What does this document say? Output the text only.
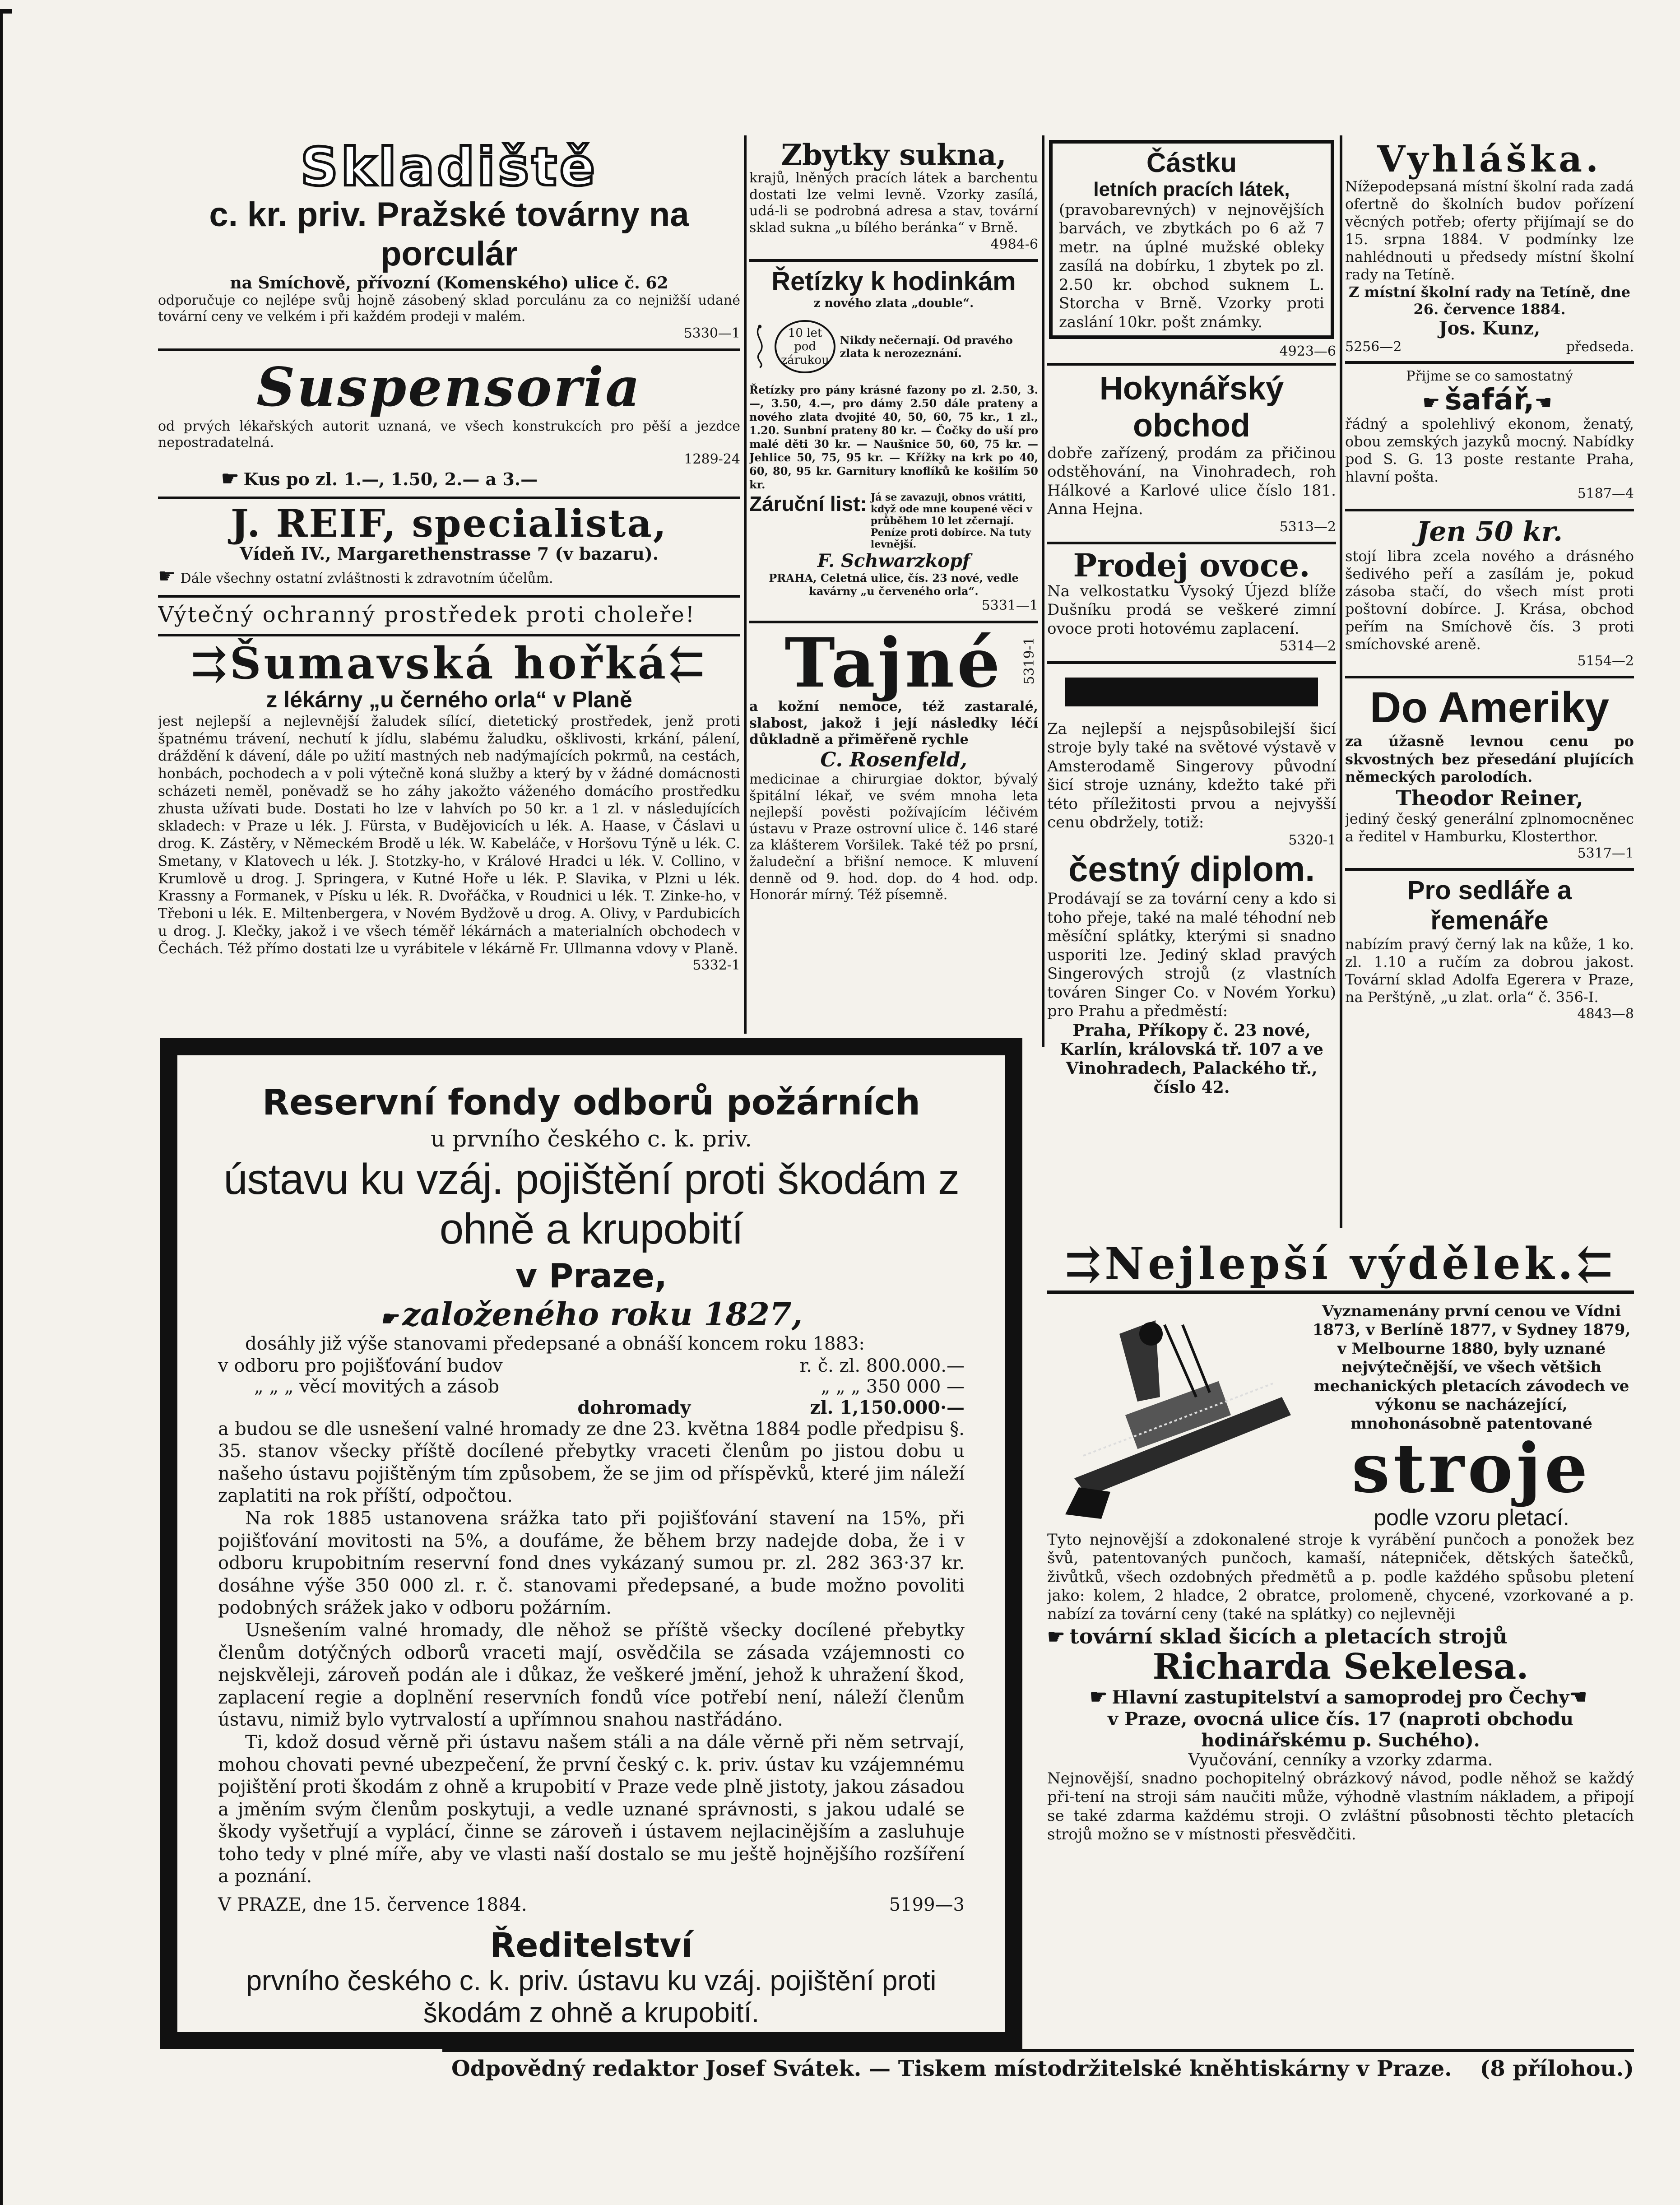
Skladiště
c. kr. priv. Pražské továrny na porculár
na Smíchově, přívozní (Komenského) ulice č. 62

odporučuje co nejlépe svůj hojně zásobený sklad porculánu za co nejnižší udané tovární ceny ve velkém i při každém prodeji v malém.

5330—1
Suspensoria

od prvých lékařských autorit uznaná, ve všech konstrukcích pro pěší a jezdce nepostradatelná.

1289-24
☛ Kus po zl. 1.—, 1.50, 2.— a 3.—
J. REIF, specialista,
Vídeň IV., Margarethenstrasse 7 (v bazaru).
☛ Dále všechny ostatní zvláštnosti k zdravotním účelům.
Výtečný ochranný prostředek proti choleře!
⇉Šumavská hořká⇇
z lékárny „u černého orla“ v Planě

jest nejlepší a nejlevnější žaludek sílící, dietetický prostředek, jenž proti špatnému trávení, nechutí k jídlu, slabému žaludku, ošklivosti, krkání, pálení, dráždění k dávení, dále po užití mastných neb nadýmajících pokrmů, na cestách, honbách, pochodech a v poli výtečně koná služby a který by v žádné domácnosti scházeti neměl, poněvadž se ho záhy jakožto váženého domácího prostředku zhusta užívati bude. Dostati ho lze v lahvích po 50 kr. a 1 zl. v následujících skladech: v Praze u lék. J. Fürsta, v Budějovicích u lék. A. Haase, v Čáslavi u drog. K. Zástěry, v Německém Brodě u lék. W. Kabeláče, v Horšovu Týně u lék. C. Smetany, v Klatovech u lék. J. Stotzky-ho, v Králové Hradci u lék. V. Collino, v Krumlově u drog. J. Springera, v Kutné Hoře u lék. P. Slavika, v Plzni u lék. Krassny a Formanek, v Písku u lék. R. Dvořáčka, v Roudnici u lék. T. Zinke-ho, v Třeboni u lék. E. Miltenbergera, v Novém Bydžově u drog. A. Olivy, v Pardubicích u drog. J. Klečky, jakož i ve všech téměř lékárnách a materialních obchodech v Čechách. Též přímo dostati lze u vyrábitele v lékárně Fr. Ullmanna vdovy v Planě.

5332-1
Zbytky sukna,

krajů, lněných pracích látek a barchentu dostati lze velmi levně. Vzorky zasílá, udá-li se podrobná adresa a stav, tovární sklad sukna „u bílého beránka“ v Brně.

4984-6
Řetízky k hodinkám
z nového zlata „double“.
10 let pod zárukou
Nikdy nečernají. Od pravého zlata k nerozeznání.

Řetízky pro pány krásné fazony po zl. 2.50, 3.—, 3.50, 4.—, pro dámy 2.50 dále prateny a nového zlata dvojité 40, 50, 60, 75 kr., 1 zl., 1.20. Sunbní prateny 80 kr. — Čočky do uší pro malé děti 30 kr. — Naušnice 50, 60, 75 kr. — Jehlice 50, 75, 95 kr. — Křížky na krk po 40, 60, 80, 95 kr. Garnitury knoflíků ke košilím 50 kr.

Záruční list: Já se zavazuji, obnos vrátiti, když ode mne koupené věci v průběhem 10 let zčernají. Peníze proti dobírce. Na tuty levnější.
F. Schwarzkopf
PRAHA, Celetná ulice, čís. 23 nové, vedle kavárny „u červeného orla“.
5331—1
Tajné	5319-1

a kožní nemoce, též zastaralé, slabost, jakož i její následky léčí důkladně a přiměřeně rychle

C. Rosenfeld,

medicinae a chirurgiae doktor, bývalý špitální lékař, ve svém mnoha leta nejlepší pověsti požívajícím léčivém ústavu v Praze ostrovní ulice č. 146 staré za klášterem Voršilek. Také též po prsní, žaludeční a břišní nemoce. K mluvení denně od 9. hod. dop. do 4 hod. odp. Honorár mírný. Též písemně.

Částku
letních pracích látek,

(pravobarevných) v nejnovějších barvách, ve zbytkách po 6 až 7 metr. na úplné mužské obleky zasílá na dobírku, 1 zbytek po zl. 2.50 kr. obchod suknem L. Storcha v Brně. Vzorky proti zaslání 10kr. pošt známky.

4923—6
Hokynářský obchod

dobře zařízený, prodám za přičinou odstěhování, na Vinohradech, roh Hálkové a Karlové ulice číslo 181. Anna Hejna.

5313—2
Prodej ovoce.

Na velkostatku Vysoký Újezd blíže Dušníku prodá se veškeré zimní ovoce proti hotovému zaplacení.

5314—2

Za nejlepší a nejspůsobilejší šicí stroje byly také na světové výstavě v Amsterodamě Singerovy původní šicí stroje uznány, kdežto také při této příležitosti prvou a nejvyšší cenu obdržely, totiž:

5320-1
čestný diplom.

Prodávají se za tovární ceny a kdo si toho přeje, také na malé téhodní neb měsíční splátky, kterými si snadno usporiti lze. Jediný sklad pravých Singerových strojů (z vlastních továren Singer Co. v Novém Yorku) pro Prahu a předměstí:

Praha, Příkopy č. 23 nové, Karlín, královská tř. 107 a ve Vinohradech, Palackého tř., číslo 42.

Vyhláška.

Nížepodepsaná místní školní rada zadá ofertně do školních budov pořízení věcných potřeb; oferty přijímají se do 15. srpna 1884. V podmínky lze nahlédnouti u předsedy místní školní rady na Tetíně.

Z místní školní rady na Tetíně, dne 26. července 1884.

Jos. Kunz,
5256—2	předseda.
Přijme se co samostatný
☛ šafář,☚

řádný a spolehlivý ekonom, ženatý, obou zemských jazyků mocný. Nabídky pod S. G. 13 poste restante Praha, hlavní pošta.

5187—4
Jen 50 kr.

stojí libra zcela nového a drásného šedivého peří a zasílám je, pokud zásoba stačí, do všech míst proti poštovní dobírce. J. Krása, obchod peřím na Smíchově čís. 3 proti smíchovské areně.

5154—2
Do Ameriky

za úžasně levnou cenu po skvostných bez přesedání plujících německých parolodích.

Theodor Reiner,

jediný český generální zplnomocněnec a ředitel v Hamburku, Klosterthor.

5317—1
Pro sedláře a řemenáře

nabízím pravý černý lak na kůže, 1 ko. zl. 1.10 a ručím za dobrou jakost. Tovární sklad Adolfa Egerera v Praze, na Perštýně, „u zlat. orla“ č. 356-I.

4843—8
Reservní fondy odborů požárních
u prvního českého c. k. priv.
ústavu ku vzáj. pojištění proti škodám z ohně a krupobití
v Praze,
☛ založeného roku 1827,

dosáhly již výše stanovami předepsané a obnáší koncem roku 1883:

v odboru pro pojišťování budov	r. č. zl. 800.000.—
„ „ „ věcí movitých a zásob	„ „ „ 350 000 —
dohromady	zl. 1,150.000·—

a budou se dle usnešení valné hromady ze dne 23. května 1884 podle předpisu §. 35. stanov všecky příště docílené přebytky vraceti členům po jistou dobu u našeho ústavu pojištěným tím způsobem, že se jim od příspěvků, které jim náleží zaplatiti na rok příští, odpočtou.

Na rok 1885 ustanovena srážka tato při pojišťování stavení na 15%, při pojišťování movitosti na 5%, a doufáme, že během brzy nadejde doba, že i v odboru krupobitním reservní fond dnes vykázaný sumou pr. zl. 282 363·37 kr. dosáhne výše 350 000 zl. r. č. stanovami předepsané, a bude možno povoliti podobných srážek jako v odboru požárním.

Usnešením valné hromady, dle něhož se příště všecky docílené přebytky členům dotýčných odborů vraceti mají, osvědčila se zásada vzájemnosti co nejskvěleji, zároveň podán ale i důkaz, že veškeré jmění, jehož k uhražení škod, zaplacení regie a doplnění reservních fondů více potřebí není, náleží členům ústavu, nimiž bylo vytrvalostí a upřímnou snahou nastřádáno.

Ti, kdož dosud věrně při ústavu našem stáli a na dále věrně při něm setrvají, mohou chovati pevné ubezpečení, že první český c. k. priv. ústav ku vzájemnému pojištění proti škodám z ohně a krupobití v Praze vede plně jistoty, jakou zásadou a jměním svým členům poskytuji, a vedle uznané správnosti, s jakou udalé se škody vyšetřují a vyplácí, činne se zároveň i ústavem nejlacinějším a zasluhuje toho tedy v plné míře, aby ve vlasti naší dostalo se mu ještě hojnějšího rozšíření a poznání.

V PRAZE, dne 15. července 1884.	5199—3
Ředitelství
prvního českého c. k. priv. ústavu ku vzáj. pojištění proti škodám z ohně a krupobití.
⇉Nejlepší výdělek.⇇

Vyznamenány první cenou ve Vídni 1873, v Berlíně 1877, v Sydney 1879, v Melbourne 1880, byly uznané nejvýtečnější, ve všech většich mechanických pletacích závodech ve výkonu se nacházející, mnohonásobně patentované

stroje
podle vzoru pletací.

Tyto nejnovější a zdokonalené stroje k vyrábění punčoch a ponožek bez švů, patentovaných punčoch, kamaší, nátepniček, dětských šatečků, živůtků, všech ozdobných předmětů a p. podle každého spůsobu pletení jako: kolem, 2 hladce, 2 obratce, prolomeně, chycené, vzorkované a p. nabízí za tovární ceny (také na splátky) co nejlevněji

☛ tovární sklad šicích a pletacích strojů
Richarda Sekelesa.
☛ Hlavní zastupitelství a samoprodej pro Čechy☚

v Praze, ovocná ulice čís. 17 (naproti obchodu hodinářskému p. Suchého).

Vyučování, cenníky a vzorky zdarma.

Nejnovější, snadno pochopitelný obrázkový návod, podle něhož se každý při-tení na stroji sám naučiti může, výhodně vlastním nákladem, a připojí se také zdarma každému stroji. O zvláštní působnosti těchto pletacích strojů možno se v místnosti přesvědčiti.

Odpovědný redaktor Josef Svátek. — Tiskem místodržitelské kněhtiskárny v Praze. (8 přílohou.)
